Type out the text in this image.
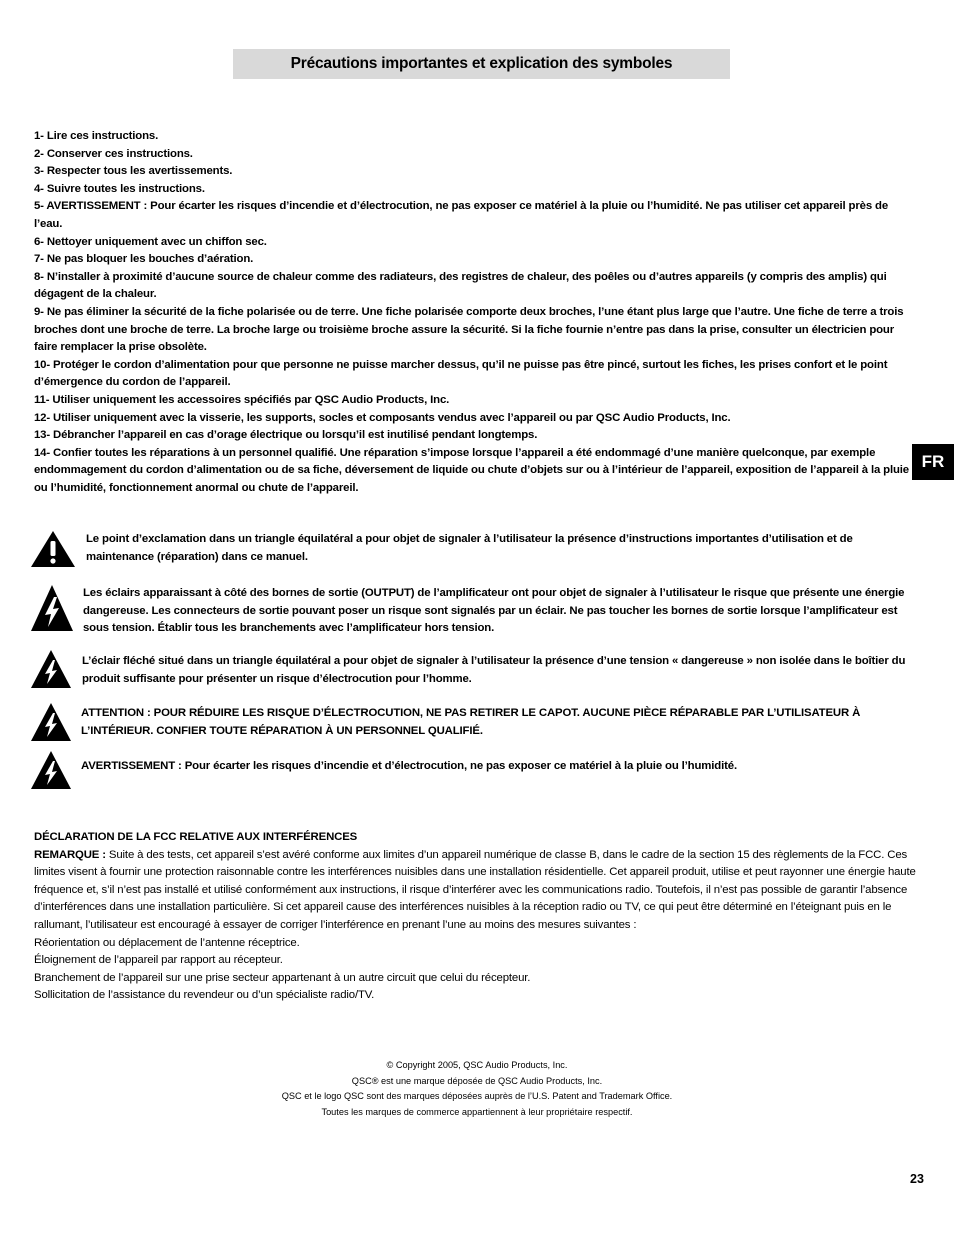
Précautions importantes et explication des symboles

1- Lire ces instructions.

2- Conserver ces instructions.

3- Respecter tous les avertissements.

4- Suivre toutes les instructions.

5- AVERTISSEMENT : Pour écarter les risques d’incendie et d’électrocution, ne pas exposer ce matériel à la pluie ou l’humidité. Ne pas utiliser cet appareil près de l’eau.

6- Nettoyer uniquement avec un chiffon sec.

7- Ne pas bloquer les bouches d’aération.

8- N’installer à proximité d’aucune source de chaleur comme des radiateurs, des registres de chaleur, des poêles ou d’autres appareils (y compris des amplis) qui dégagent de la chaleur.

9- Ne pas éliminer la sécurité de la fiche polarisée ou de terre. Une fiche polarisée comporte deux broches, l’une étant plus large que l’autre. Une fiche de terre a trois broches dont une broche de terre. La broche large ou troisième broche assure la sécurité. Si la fiche fournie n’entre pas dans la prise, consulter un électricien pour faire remplacer la prise obsolète.

10- Protéger le cordon d’alimentation pour que personne ne puisse marcher dessus, qu’il ne puisse pas être pincé, surtout les fiches, les prises confort et le point d’émergence du cordon de l’appareil.

11- Utiliser uniquement les accessoires spécifiés par QSC Audio Products, Inc.

12- Utiliser uniquement avec la visserie, les supports, socles et composants vendus avec l’appareil ou par QSC Audio Products, Inc.

13- Débrancher l’appareil en cas d’orage électrique ou lorsqu’il est inutilisé pendant longtemps.

14- Confier toutes les réparations à un personnel qualifié. Une réparation s’impose lorsque l’appareil a été endommagé d’une manière quelconque, par exemple endommagement du cordon d’alimentation ou de sa fiche, déversement de liquide ou chute d’objets sur ou à l’intérieur de l’appareil, exposition de l’appareil à la pluie ou l’humidité, fonctionnement anormal ou chute de l’appareil.

FR
Le point d’exclamation dans un triangle équilatéral a pour objet de signaler à l’utilisateur la présence d’instructions importantes d’utilisation et de maintenance (réparation) dans ce manuel.
Les éclairs apparaissant à côté des bornes de sortie (OUTPUT) de l’amplificateur ont pour objet de signaler à l’utilisateur le risque que présente une énergie dangereuse. Les connecteurs de sortie pouvant poser un risque sont signalés par un éclair. Ne pas toucher les bornes de sortie lorsque l’amplificateur est sous tension. Établir tous les branchements avec l’amplificateur hors tension.
L’éclair fléché situé dans un triangle équilatéral a pour objet de signaler à l’utilisateur la présence d’une tension « dangereuse » non isolée dans le boîtier du produit suffisante pour présenter un risque d’électrocution pour l’homme.
ATTENTION : POUR RÉDUIRE LES RISQUE D’ÉLECTROCUTION, NE PAS RETIRER LE CAPOT. AUCUNE PIÈCE RÉPARABLE PAR L’UTILISATEUR À L’INTÉRIEUR. CONFIER TOUTE RÉPARATION À UN PERSONNEL QUALIFIÉ.
AVERTISSEMENT : Pour écarter les risques d’incendie et d’électrocution, ne pas exposer ce matériel à la pluie ou l’humidité.

DÉCLARATION DE LA FCC RELATIVE AUX INTERFÉRENCES

REMARQUE : Suite à des tests, cet appareil s’est avéré conforme aux limites d’un appareil numérique de classe B, dans le cadre de la section 15 des règlements de la FCC. Ces limites visent à fournir une protection raisonnable contre les interférences nuisibles dans une installation résidentielle. Cet appareil produit, utilise et peut rayonner une énergie haute fréquence et, s’il n’est pas installé et utilisé conformément aux instructions, il risque d’interférer avec les communications radio. Toutefois, il n’est pas possible de garantir l’absence d’interférences dans une installation particulière. Si cet appareil cause des interférences nuisibles à la réception radio ou TV, ce qui peut être déterminé en l’éteignant puis en le rallumant, l’utilisateur est encouragé à essayer de corriger l’interférence en prenant l’une au moins des mesures suivantes :

Réorientation ou déplacement de l’antenne réceptrice.

Éloignement de l’appareil par rapport au récepteur.

Branchement de l’appareil sur une prise secteur appartenant à un autre circuit que celui du récepteur.

Sollicitation de l’assistance du revendeur ou d’un spécialiste radio/TV.

© Copyright 2005, QSC Audio Products, Inc.

QSC® est une marque déposée de QSC Audio Products, Inc.

QSC et le logo QSC sont des marques déposées auprès de l’U.S. Patent and Trademark Office.

Toutes les marques de commerce appartiennent à leur propriétaire respectif.

23
